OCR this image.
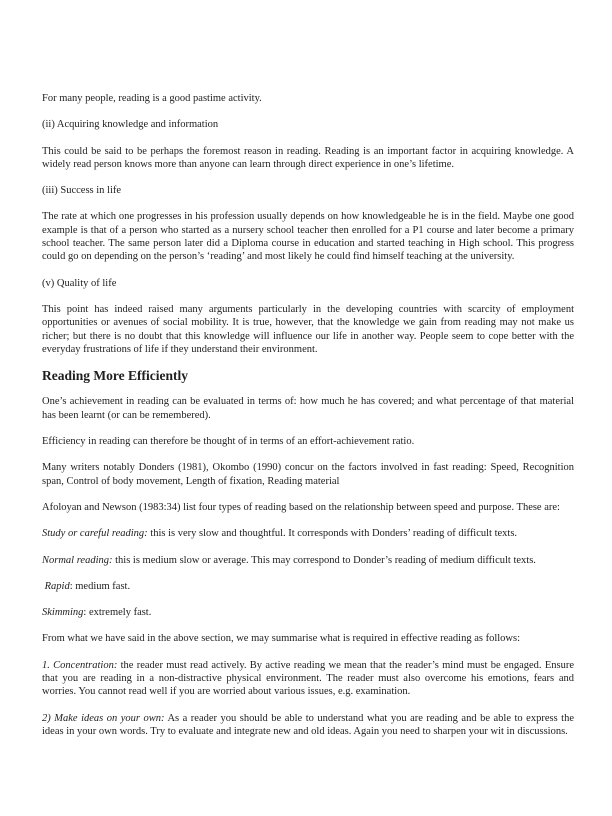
For many people, reading is a good pastime activity.

(ii) Acquiring knowledge and information

This could be said to be perhaps the foremost reason in reading. Reading is an important factor in acquiring knowledge. A widely read person knows more than anyone can learn through direct experience in one’s lifetime.

(iii) Success in life

The rate at which one progresses in his profession usually depends on how knowledgeable he is in the field. Maybe one good example is that of a person who started as a nursery school teacher then enrolled for a P1 course and later become a primary school teacher. The same person later did a Diploma course in education and started teaching in High school. This progress could go on depending on the person’s ‘reading’ and most likely he could find himself teaching at the university.

(v) Quality of life

This point has indeed raised many arguments particularly in the developing countries with scarcity of employment opportunities or avenues of social mobility. It is true, however, that the knowledge we gain from reading may not make us richer; but there is no doubt that this knowledge will influence our life in another way. People seem to cope better with the everyday frustrations of life if they understand their environment.

Reading More Efficiently

One’s achievement in reading can be evaluated in terms of: how much he has covered; and what percentage of that material has been learnt (or can be remembered).

Efficiency in reading can therefore be thought of in terms of an effort-achievement ratio.

Many writers notably Donders (1981), Okombo (1990) concur on the factors involved in fast reading: Speed, Recognition span, Control of body movement, Length of fixation, Reading material

Afoloyan and Newson (1983:34) list four types of reading based on the relationship between speed and purpose. These are:

Study or careful reading: this is very slow and thoughtful. It corresponds with Donders’ reading of difficult texts.

Normal reading: this is medium slow or average. This may correspond to Donder’s reading of medium difficult texts.

Rapid: medium fast.

Skimming: extremely fast.

From what we have said in the above section, we may summarise what is required in effective reading as follows:

1. Concentration: the reader must read actively. By active reading we mean that the reader’s mind must be engaged. Ensure that you are reading in a non-distractive physical environment. The reader must also overcome his emotions, fears and worries. You cannot read well if you are worried about various issues, e.g. examination.

2) Make ideas on your own: As a reader you should be able to understand what you are reading and be able to express the ideas in your own words. Try to evaluate and integrate new and old ideas. Again you need to sharpen your wit in discussions.
